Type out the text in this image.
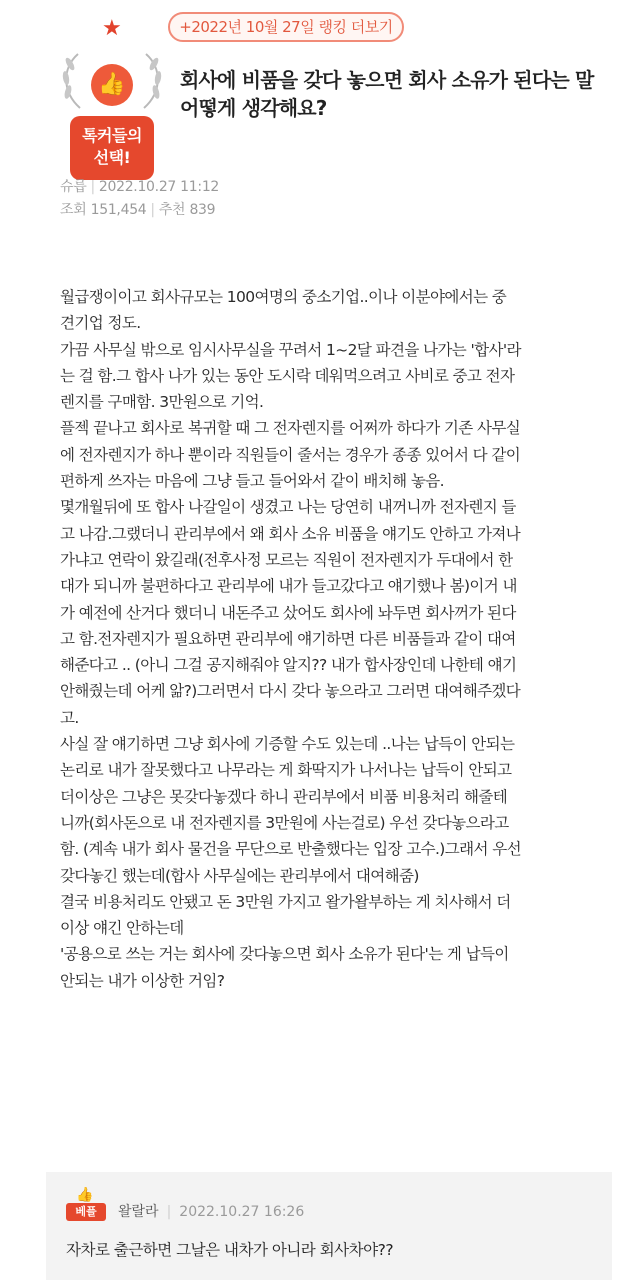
+2022년 10월 27일 랭킹 더보기
★
👍
톡커들의
선택!
회사에 비품을 갖다 놓으면 회사 소유가 된다는 말 어떻게 생각해요?
슈릅 | 2022.10.27 11:12
조회 151,454 | 추천 839

월급쟁이이고 회사규모는 100여명의 중소기업..이나 이분야에서는 중

견기업 정도.

가끔 사무실 밖으로 임시사무실을 꾸려서 1~2달 파견을 나가는 '합사'라

는 걸 함.그 합사 나가 있는 동안 도시락 데워먹으려고 사비로 중고 전자

렌지를 구매함. 3만원으로 기억.

플젝 끝나고 회사로 복귀할 때 그 전자렌지를 어쩌까 하다가 기존 사무실

에 전자렌지가 하나 뿐이라 직원들이 줄서는 경우가 종종 있어서 다 같이

편하게 쓰자는 마음에 그냥 들고 들어와서 같이 배치해 놓음.

몇개월뒤에 또 합사 나갈일이 생겼고 나는 당연히 내꺼니까 전자렌지 들

고 나감.그랬더니 관리부에서 왜 회사 소유 비품을 얘기도 안하고 가져나

가냐고 연락이 왔길래(전후사정 모르는 직원이 전자렌지가 두대에서 한

대가 되니까 불편하다고 관리부에 내가 들고갔다고 얘기했나 봄)이거 내

가 예전에 산거다 했더니 내돈주고 샀어도 회사에 놔두면 회사꺼가 된다

고 함.전자렌지가 필요하면 관리부에 얘기하면 다른 비품들과 같이 대여

해준다고 .. (아니 그걸 공지해줘야 알지?? 내가 합사장인데 나한테 얘기

안해줬는데 어케 앎?)그러면서 다시 갖다 놓으라고 그러면 대여해주겠다

고.

사실 잘 얘기하면 그냥 회사에 기증할 수도 있는데 ..나는 납득이 안되는

논리로 내가 잘못했다고 나무라는 게 화딱지가 나서나는 납득이 안되고

더이상은 그냥은 못갖다놓겠다 하니 관리부에서 비품 비용처리 해줄테

니까(회사돈으로 내 전자렌지를 3만원에 사는걸로) 우선 갖다놓으라고

함. (계속 내가 회사 물건을 무단으로 반출했다는 입장 고수.)그래서 우선

갖다놓긴 했는데(합사 사무실에는 관리부에서 대여해줌)

결국 비용처리도 안됐고 돈 3만원 가지고 왈가왈부하는 게 치사해서 더

이상 얘긴 안하는데

'공용으로 쓰는 거는 회사에 갖다놓으면 회사 소유가 된다'는 게 납득이

안되는 내가 이상한 거임?

👍
베플	왈랄라 | 2022.10.27 16:26
자차로 출근하면 그날은 내차가 아니라 회사차야??
